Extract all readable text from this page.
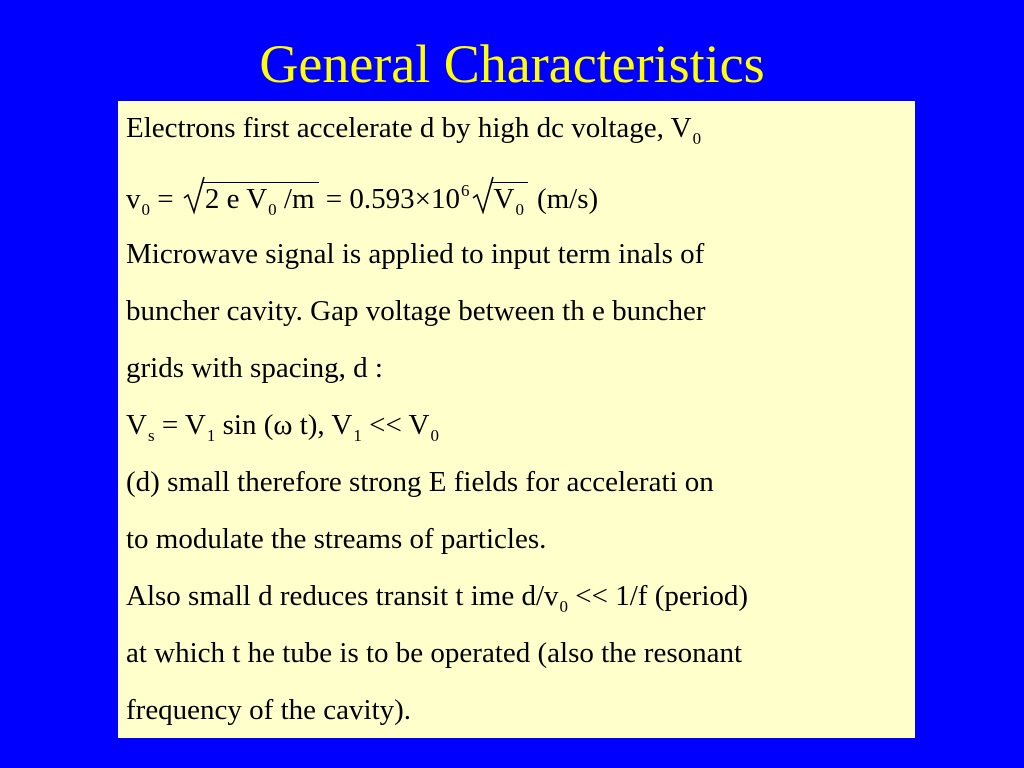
General Characteristics
Electrons first accelerate d by high dc voltage, $V_0$
$v_0$ =
2 e $V_0$ $/m = 0.593\times 10^6$ $V_0$ (m/s)
Microwave signal is applied to input term inals of
buncher cavity. Gap voltage between th e buncher
grids with spacing, d :
$V_s = V_1$ sin (ω t), $V_1 << V_0$
(d) small therefore strong E fields for accelerati on
to modulate the streams of particles.
Also small d reduces transit t ime $d/v_0 << 1/f$ (period)
at which t he tube is to be operated (also the resonant
frequency of the cavity).
